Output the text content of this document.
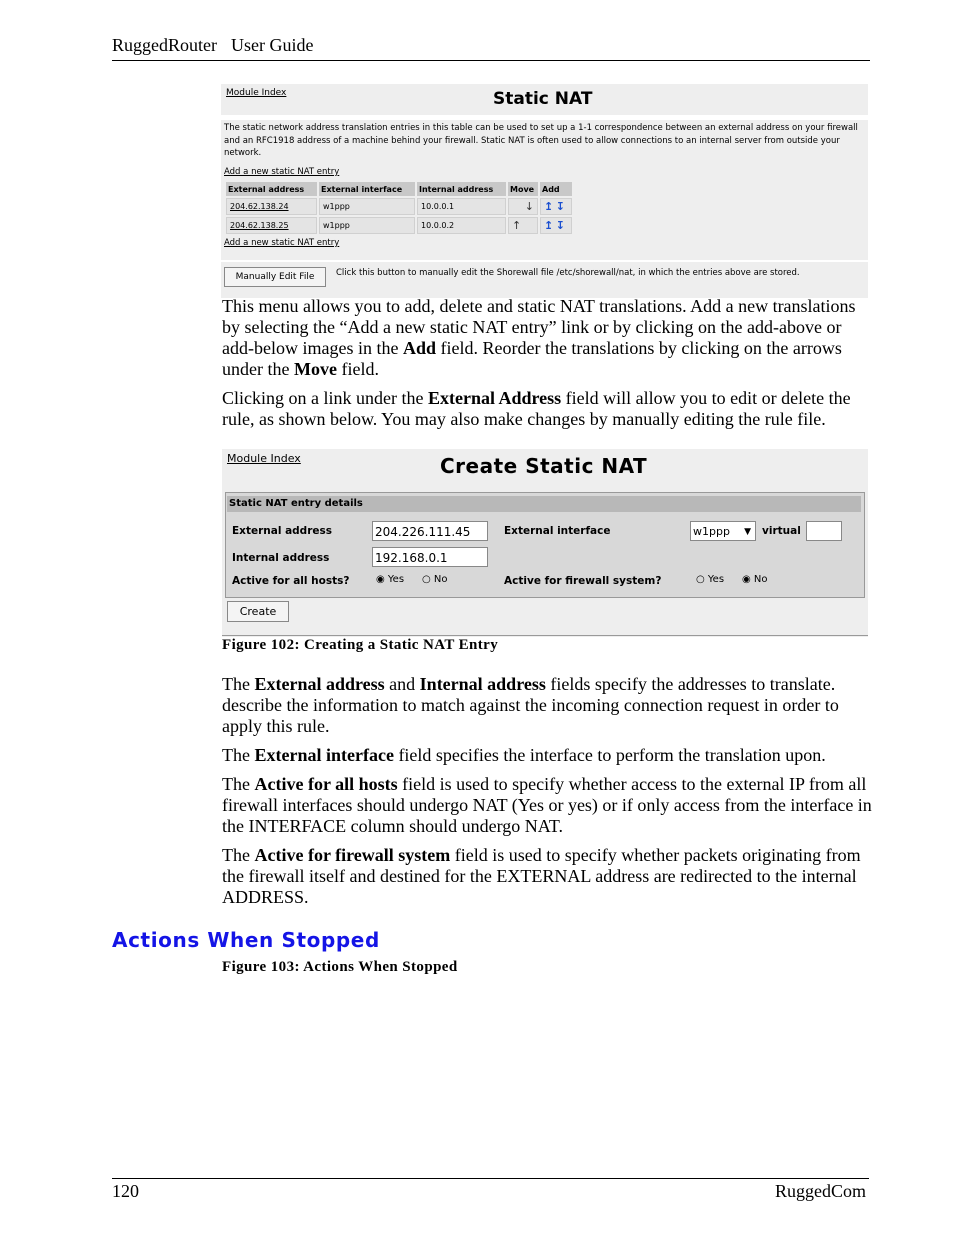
RuggedRouter User Guide
Module Index	Static NAT
The static network address translation entries in this table can be used to set up a 1-1 correspondence between an external address on your firewall and an RFC1918 address of a machine behind your firewall. Static NAT is often used to allow connections to an internal server from outside your network.
Add a new static NAT entry
External address	External interface	Internal address	Move	Add
204.62.138.24	w1ppp	10.0.0.1	↓	↥ ↧
204.62.138.25	w1ppp	10.0.0.2	↑	↥ ↧
Add a new static NAT entry
Manually Edit File	Click this button to manually edit the Shorewall file /etc/shorewall/nat, in which the entries above are stored.
This menu allows you to add, delete and static NAT translations. Add a new translations by selecting the “Add a new static NAT entry” link or by clicking on the add-above or add-below images in the Add field. Reorder the translations by clicking on the arrows under the Move field.
Clicking on a link under the External Address field will allow you to edit or delete the rule, as shown below. You may also make changes by manually editing the rule file.
Module Index	Create Static NAT
Static NAT entry details
External address	204.226.111.45	External interface	w1ppp ▼ virtual
Internal address	192.168.0.1
Active for all hosts?	◉ Yes ○ No	Active for firewall system?	○ Yes ◉ No
Create
Figure 102: Creating a Static NAT Entry
The External address and Internal address fields specify the addresses to translate. describe the information to match against the incoming connection request in order to apply this rule.
The External interface field specifies the interface to perform the translation upon.
The Active for all hosts field is used to specify whether access to the external IP from all firewall interfaces should undergo NAT (Yes or yes) or if only access from the interface in the INTERFACE column should undergo NAT.
The Active for firewall system field is used to specify whether packets originating from the firewall itself and destined for the EXTERNAL address are redirected to the internal ADDRESS.
Actions When Stopped
Figure 103: Actions When Stopped
120	RuggedCom
